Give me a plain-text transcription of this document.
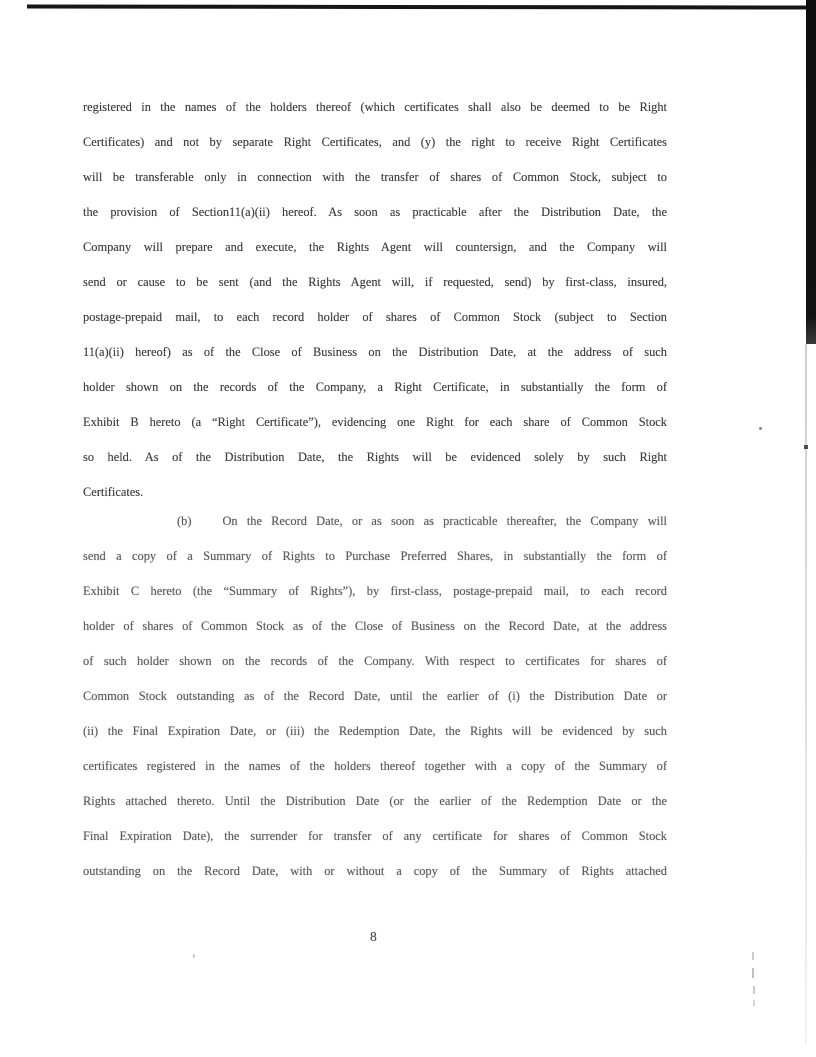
,
registered in the names of the holders thereof (which certificates shall also be deemed to be Right
Certificates) and not by separate Right Certificates, and (y) the right to receive Right Certificates
will be transferable only in connection with the transfer of shares of Common Stock, subject to
the provision of Section11(a)(ii) hereof. As soon as practicable after the Distribution Date, the
Company will prepare and execute, the Rights Agent will countersign, and the Company will
send or cause to be sent (and the Rights Agent will, if requested, send) by first-class, insured,
postage-prepaid mail, to each record holder of shares of Common Stock (subject to Section
11(a)(ii) hereof) as of the Close of Business on the Distribution Date, at the address of such
holder shown on the records of the Company, a Right Certificate, in substantially the form of
Exhibit B hereto (a “Right Certificate”), evidencing one Right for each share of Common Stock
so held. As of the Distribution Date, the Rights will be evidenced solely by such Right
Certificates.
(b)	On the Record Date, or as soon as practicable thereafter, the Company will
send a copy of a Summary of Rights to Purchase Preferred Shares, in substantially the form of
Exhibit C hereto (the “Summary of Rights”), by first-class, postage-prepaid mail, to each record
holder of shares of Common Stock as of the Close of Business on the Record Date, at the address
of such holder shown on the records of the Company. With respect to certificates for shares of
Common Stock outstanding as of the Record Date, until the earlier of (i) the Distribution Date or
(ii) the Final Expiration Date, or (iii) the Redemption Date, the Rights will be evidenced by such
certificates registered in the names of the holders thereof together with a copy of the Summary of
Rights attached thereto. Until the Distribution Date (or the earlier of the Redemption Date or the
Final Expiration Date), the surrender for transfer of any certificate for shares of Common Stock
outstanding on the Record Date, with or without a copy of the Summary of Rights attached
8
